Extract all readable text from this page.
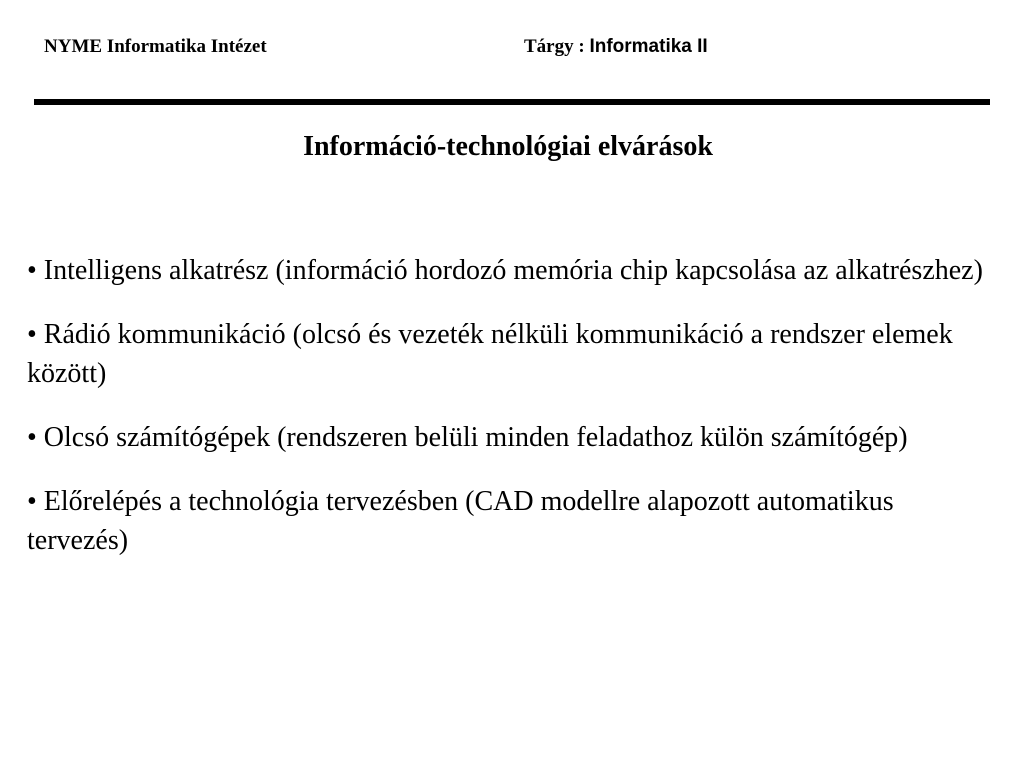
NYME Informatika Intézet	Tárgy : Informatika II
Információ-technológiai elvárások
• Intelligens alkatrész (információ hordozó memória chip kapcsolása az alkatrészhez)
• Rádió kommunikáció (olcsó és vezeték nélküli kommunikáció a rendszer elemek között)
• Olcsó számítógépek (rendszeren belüli minden feladathoz külön számítógép)
• Előrelépés a technológia tervezésben (CAD modellre alapozott automatikus tervezés)
